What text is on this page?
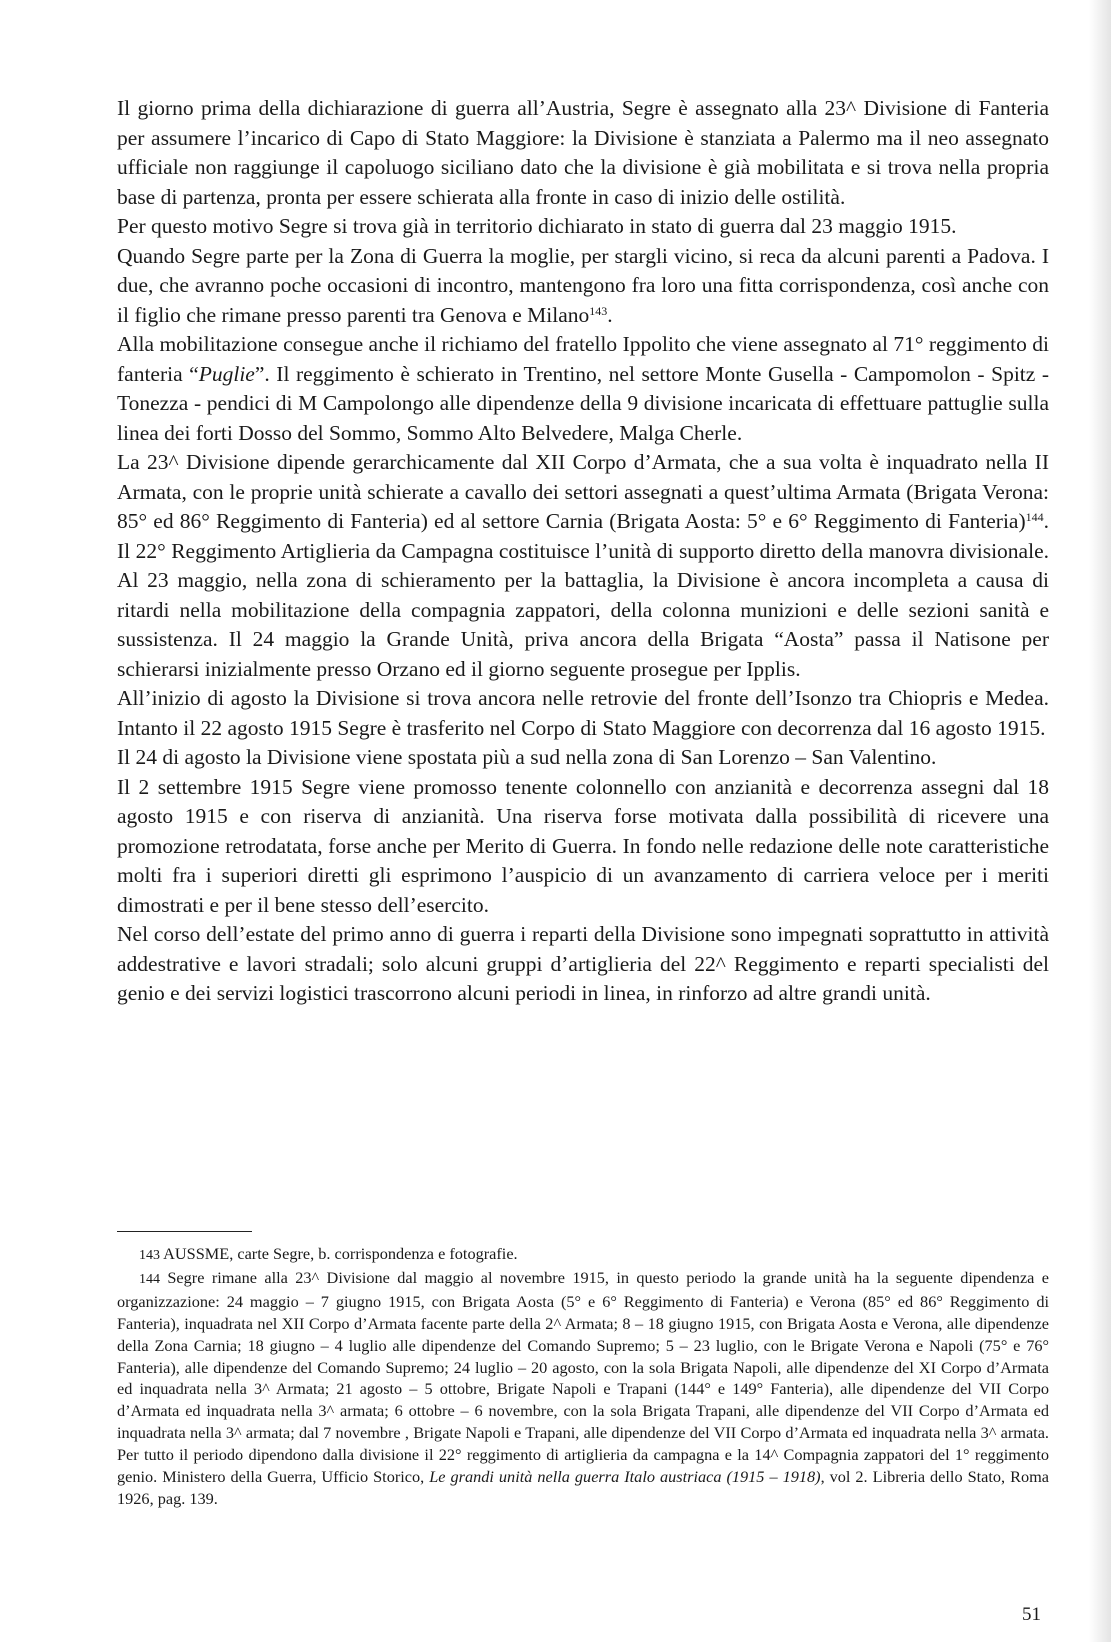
Il giorno prima della dichiarazione di guerra all’Austria, Segre è assegnato alla 23^ Divisione di Fanteria per assumere l’incarico di Capo di Stato Maggiore: la Divisione è stanziata a Palermo ma il neo assegnato ufficiale non raggiunge il capoluogo siciliano dato che la divisione è già mobilitata e si trova nella propria base di partenza, pronta per essere schierata alla fronte in caso di inizio delle ostilità.

Per questo motivo Segre si trova già in territorio dichiarato in stato di guerra dal 23 maggio 1915.

Quando Segre parte per la Zona di Guerra la moglie, per stargli vicino, si reca da alcuni parenti a Padova. I due, che avranno poche occasioni di incontro, mantengono fra loro una fitta corrispondenza, così anche con il figlio che rimane presso parenti tra Genova e Milano$^{143}$.

Alla mobilitazione consegue anche il richiamo del fratello Ippolito che viene assegnato al 71° reggimento di fanteria “Puglie”. Il reggimento è schierato in Trentino, nel settore Monte Gusella - Campomolon - Spitz - Tonezza - pendici di M Campolongo alle dipendenze della 9 divisione incaricata di effettuare pattuglie sulla linea dei forti Dosso del Sommo, Sommo Alto Belvedere, Malga Cherle.

La 23^ Divisione dipende gerarchicamente dal XII Corpo d’Armata, che a sua volta è inquadrato nella II Armata, con le proprie unità schierate a cavallo dei settori assegnati a quest’ultima Armata (Brigata Verona: 85° ed 86° Reggimento di Fanteria) ed al settore Carnia (Brigata Aosta: 5° e 6° Reggimento di Fanteria)$^{144}$. Il 22° Reggimento Artiglieria da Campagna costituisce l’unità di supporto diretto della manovra divisionale. Al 23 maggio, nella zona di schieramento per la battaglia, la Divisione è ancora incompleta a causa di ritardi nella mobilitazione della compagnia zappatori, della colonna munizioni e delle sezioni sanità e sussistenza. Il 24 maggio la Grande Unità, priva ancora della Brigata “Aosta” passa il Natisone per schierarsi inizialmente presso Orzano ed il giorno seguente prosegue per Ipplis.

All’inizio di agosto la Divisione si trova ancora nelle retrovie del fronte dell’Isonzo tra Chiopris e Medea. Intanto il 22 agosto 1915 Segre è trasferito nel Corpo di Stato Maggiore con decorrenza dal 16 agosto 1915.

Il 24 di agosto la Divisione viene spostata più a sud nella zona di San Lorenzo – San Valentino.

Il 2 settembre 1915 Segre viene promosso tenente colonnello con anzianità e decorrenza assegni dal 18 agosto 1915 e con riserva di anzianità. Una riserva forse motivata dalla possibilità di ricevere una promozione retrodatata, forse anche per Merito di Guerra. In fondo nelle redazione delle note caratteristiche molti fra i superiori diretti gli esprimono l’auspicio di un avanzamento di carriera veloce per i meriti dimostrati e per il bene stesso dell’esercito.

Nel corso dell’estate del primo anno di guerra i reparti della Divisione sono impegnati soprattutto in attività addestrative e lavori stradali; solo alcuni gruppi d’artiglieria del 22^ Reggimento e reparti specialisti del genio e dei servizi logistici trascorrono alcuni periodi in linea, in rinforzo ad altre grandi unità.

143 AUSSME, carte Segre, b. corrispondenza e fotografie.

144 Segre rimane alla 23^ Divisione dal maggio al novembre 1915, in questo periodo la grande unità ha la seguente dipendenza e organizzazione: 24 maggio – 7 giugno 1915, con Brigata Aosta (5° e 6° Reggimento di Fanteria) e Verona (85° ed 86° Reggimento di Fanteria), inquadrata nel XII Corpo d’Armata facente parte della 2^ Armata; 8 – 18 giugno 1915, con Brigata Aosta e Verona, alle dipendenze della Zona Carnia; 18 giugno – 4 luglio alle dipendenze del Comando Supremo; 5 – 23 luglio, con le Brigate Verona e Napoli (75° e 76° Fanteria), alle dipendenze del Comando Supremo; 24 luglio – 20 agosto, con la sola Brigata Napoli, alle dipendenze del XI Corpo d’Armata ed inquadrata nella 3^ Armata; 21 agosto – 5 ottobre, Brigate Napoli e Trapani (144° e 149° Fanteria), alle dipendenze del VII Corpo d’Armata ed inquadrata nella 3^ armata; 6 ottobre – 6 novembre, con la sola Brigata Trapani, alle dipendenze del VII Corpo d’Armata ed inquadrata nella 3^ armata; dal 7 novembre , Brigate Napoli e Trapani, alle dipendenze del VII Corpo d’Armata ed inquadrata nella 3^ armata. Per tutto il periodo dipendono dalla divisione il 22° reggimento di artiglieria da campagna e la 14^ Compagnia zappatori del 1° reggimento genio. Ministero della Guerra, Ufficio Storico, Le grandi unità nella guerra Italo austriaca (1915 – 1918), vol 2. Libreria dello Stato, Roma 1926, pag. 139.

51
